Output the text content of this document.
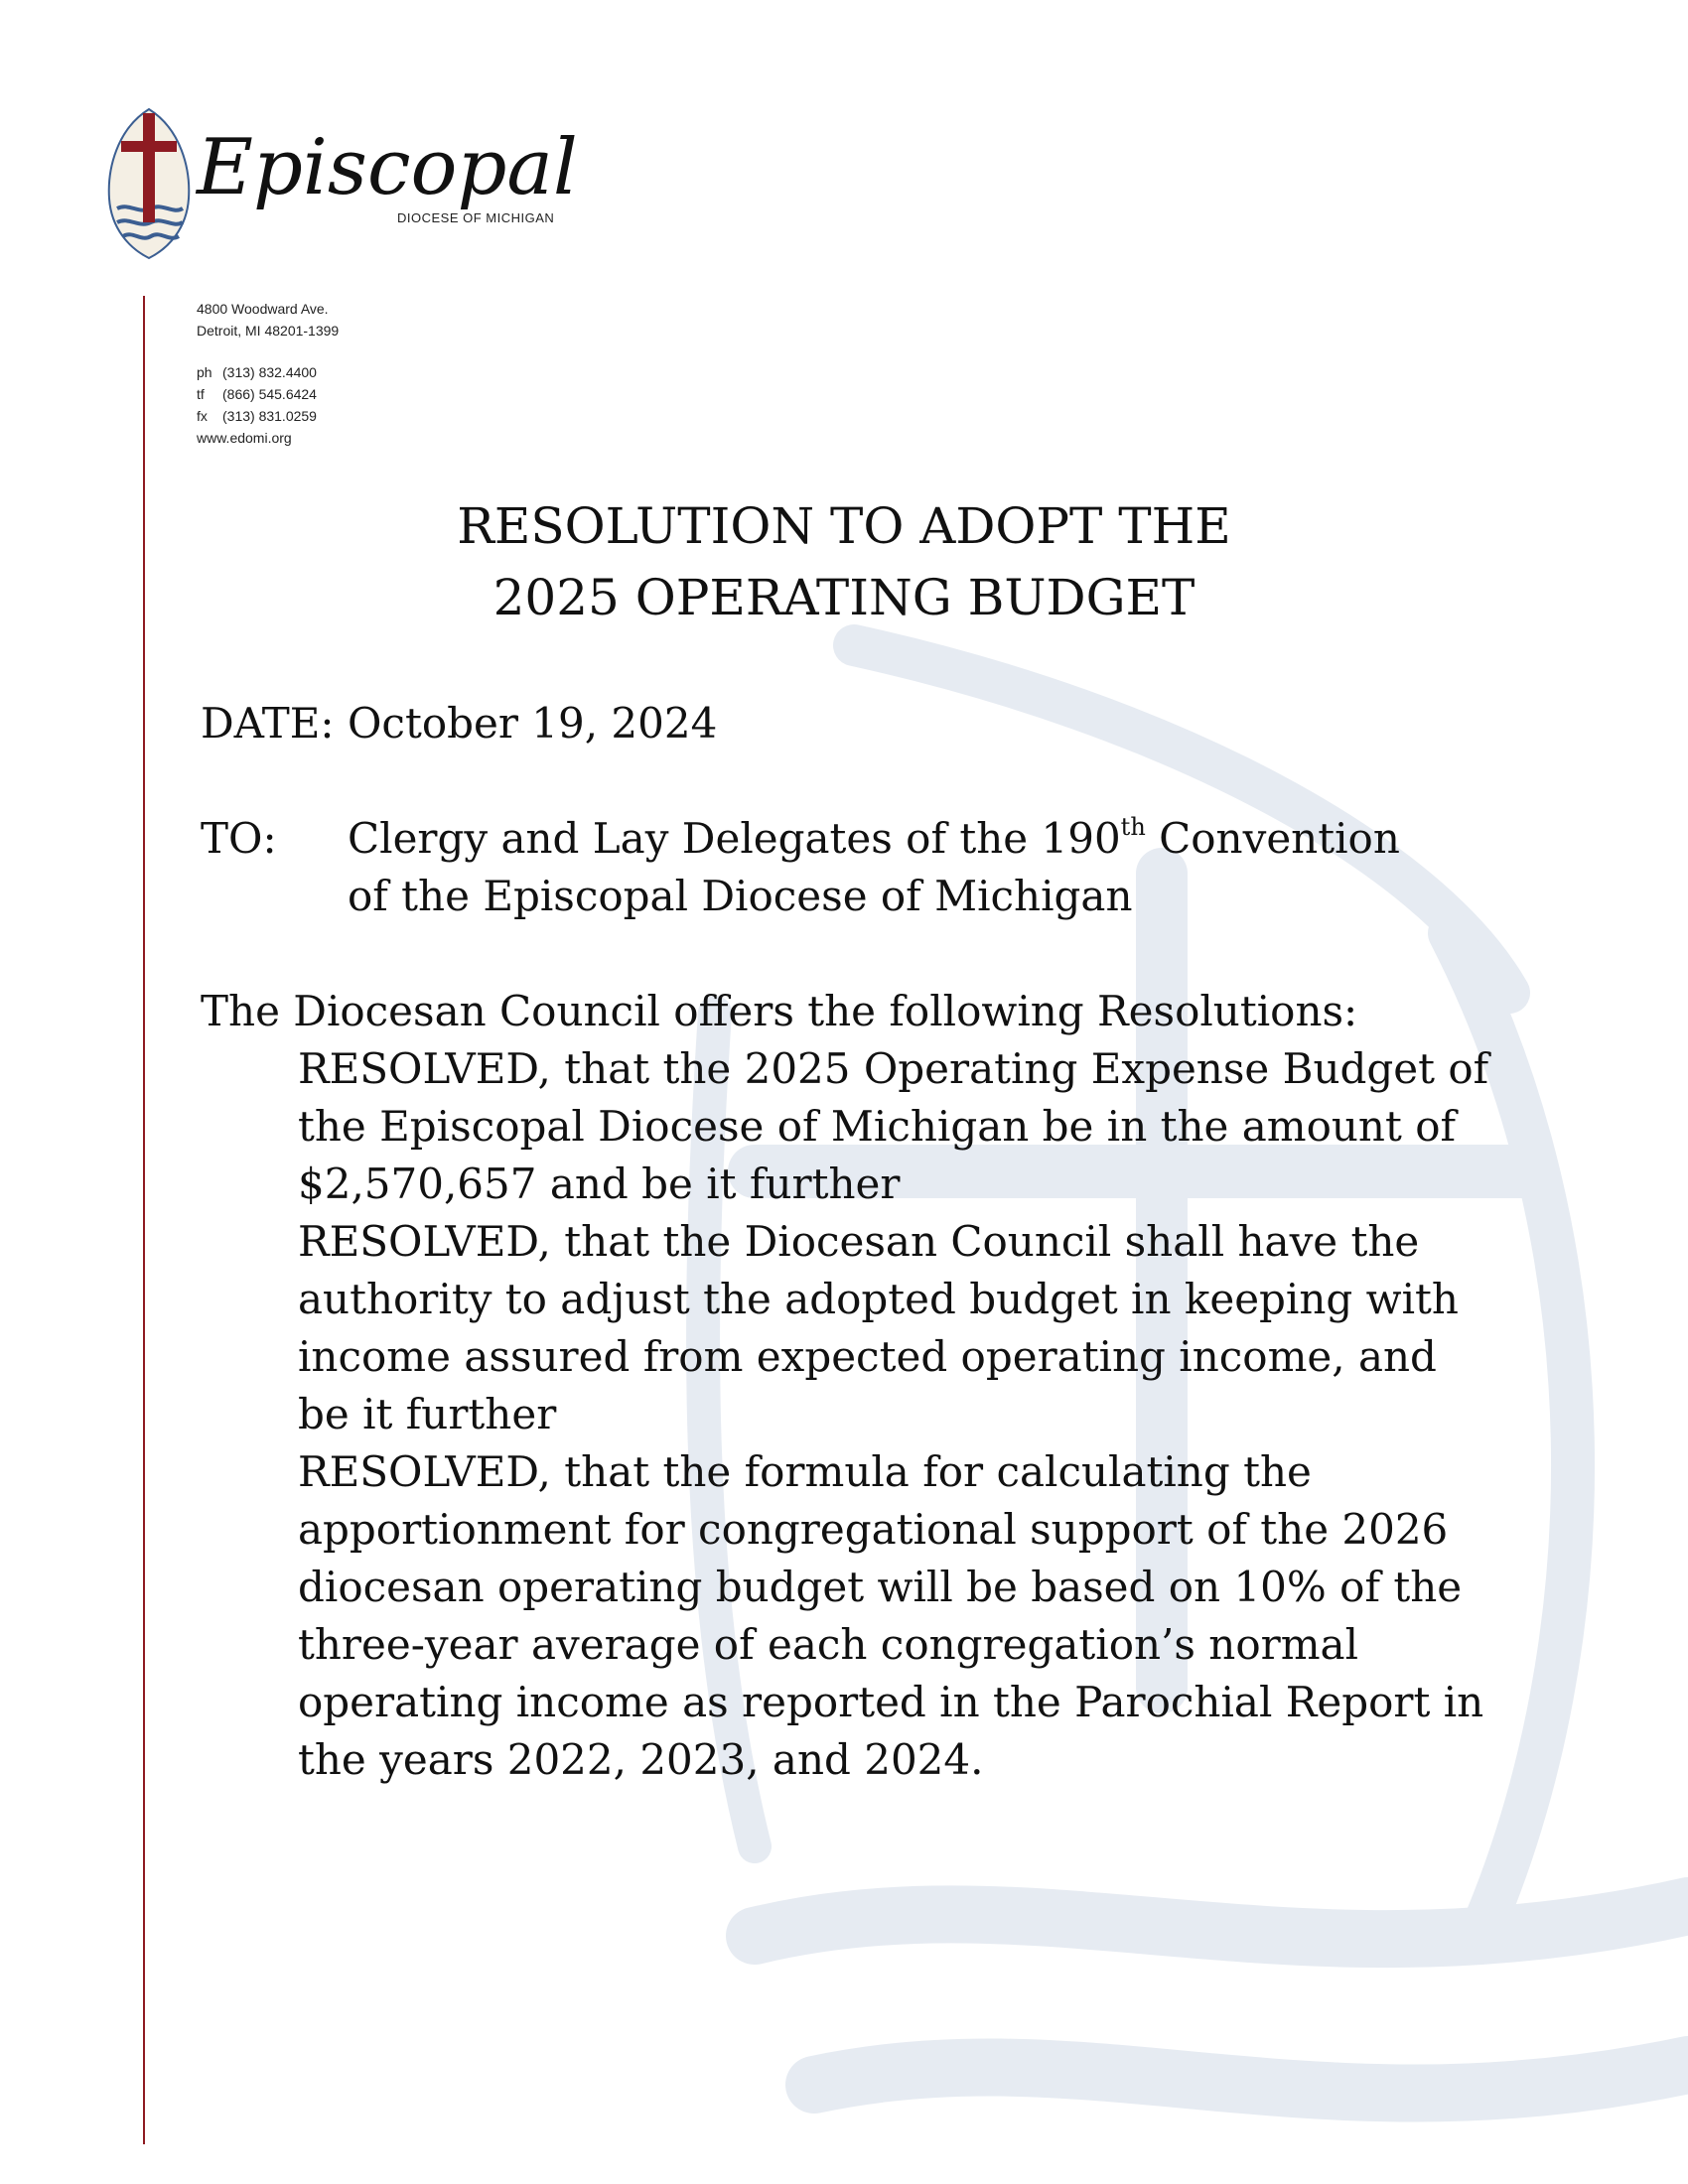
Episcopal
DIOCESE OF MICHIGAN
4800 Woodward Ave.
Detroit, MI 48201-1399
ph (313) 832.4400
tf (866) 545.6424
fx (313) 831.0259
www.edomi.org
RESOLUTION TO ADOPT THE
2025 OPERATING BUDGET
DATE: October 19, 2024
TO: Clergy and Lay Delegates of the 190th Convention
of the Episcopal Diocese of Michigan
The Diocesan Council offers the following Resolutions:
RESOLVED, that the 2025 Operating Expense Budget of
the Episcopal Diocese of Michigan be in the amount of
$2,570,657 and be it further
RESOLVED, that the Diocesan Council shall have the
authority to adjust the adopted budget in keeping with
income assured from expected operating income, and
be it further
RESOLVED, that the formula for calculating the
apportionment for congregational support of the 2026
diocesan operating budget will be based on 10% of the
three-year average of each congregation’s normal
operating income as reported in the Parochial Report in
the years 2022, 2023, and 2024.
